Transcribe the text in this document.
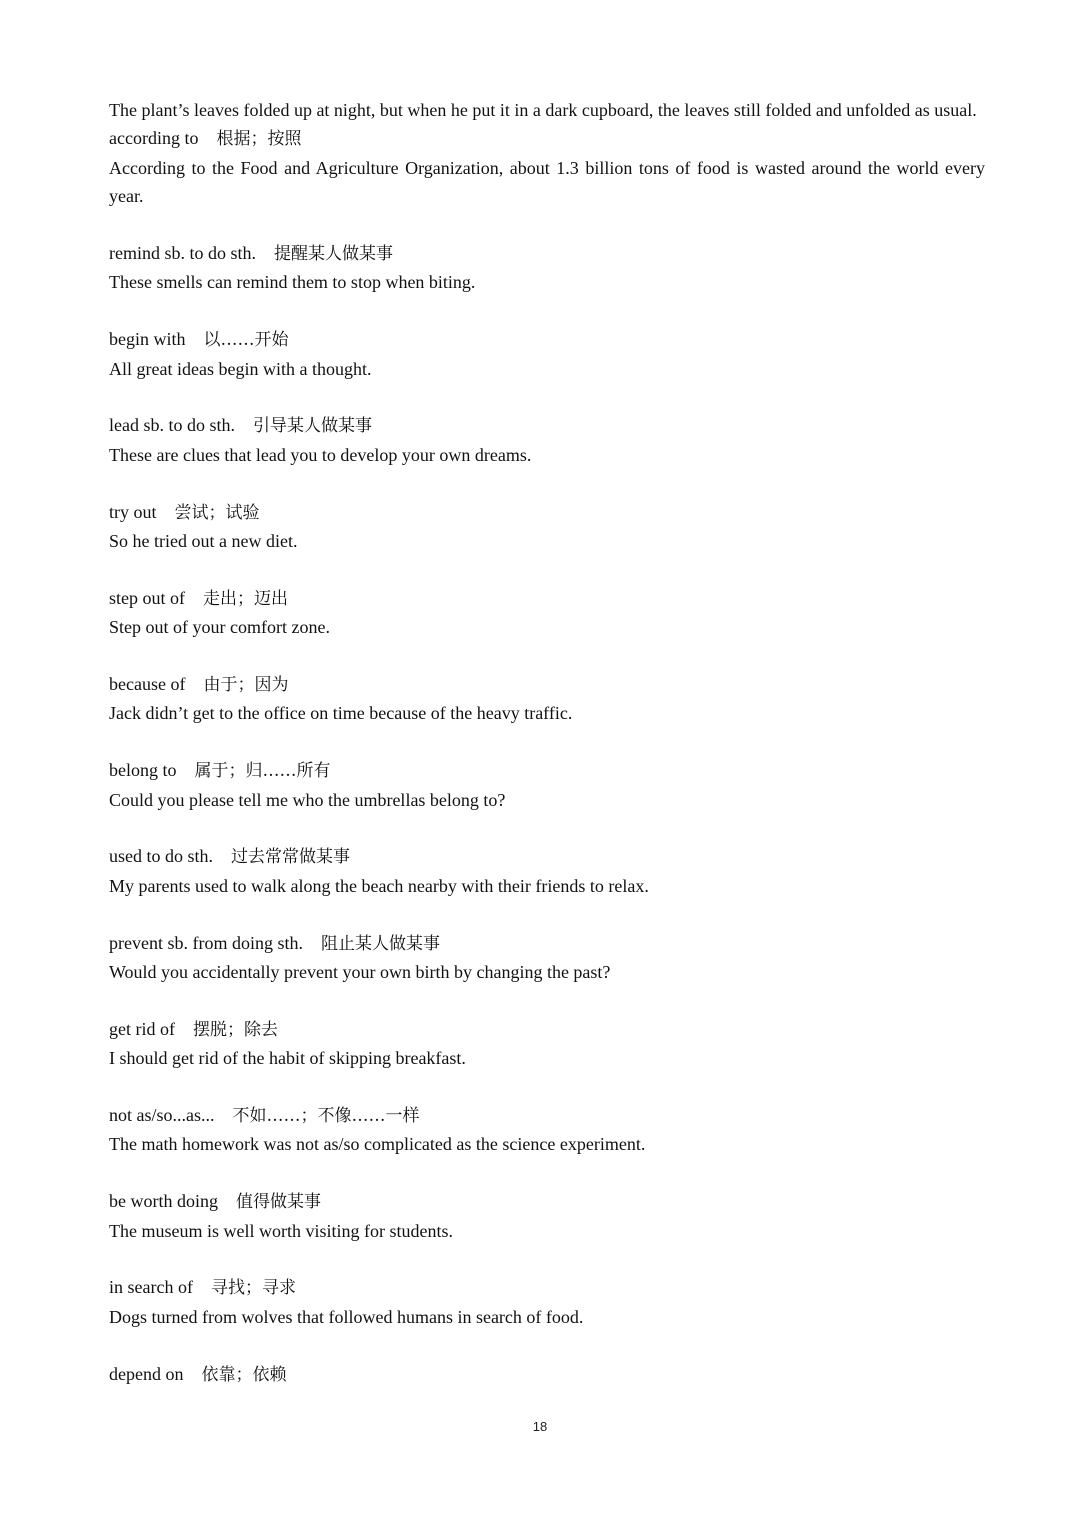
The plant’s leaves folded up at night, but when he put it in a dark cupboard, the leaves still folded and unfolded as usual.
according to 根据；按照
According to the Food and Agriculture Organization, about 1.3 billion tons of food is wasted around the world every year.
remind sb. to do sth. 提醒某人做某事
These smells can remind them to stop when biting.
begin with 以……开始
All great ideas begin with a thought.
lead sb. to do sth. 引导某人做某事
These are clues that lead you to develop your own dreams.
try out 尝试；试验
So he tried out a new diet.
step out of 走出；迈出
Step out of your comfort zone.
because of 由于；因为
Jack didn’t get to the office on time because of the heavy traffic.
belong to 属于；归……所有
Could you please tell me who the umbrellas belong to?
used to do sth. 过去常常做某事
My parents used to walk along the beach nearby with their friends to relax.
prevent sb. from doing sth. 阻止某人做某事
Would you accidentally prevent your own birth by changing the past?
get rid of 摆脱；除去
I should get rid of the habit of skipping breakfast.
not as/so...as... 不如……；不像……一样
The math homework was not as/so complicated as the science experiment.
be worth doing 值得做某事
The museum is well worth visiting for students.
in search of 寻找；寻求
Dogs turned from wolves that followed humans in search of food.
depend on 依靠；依赖
18
